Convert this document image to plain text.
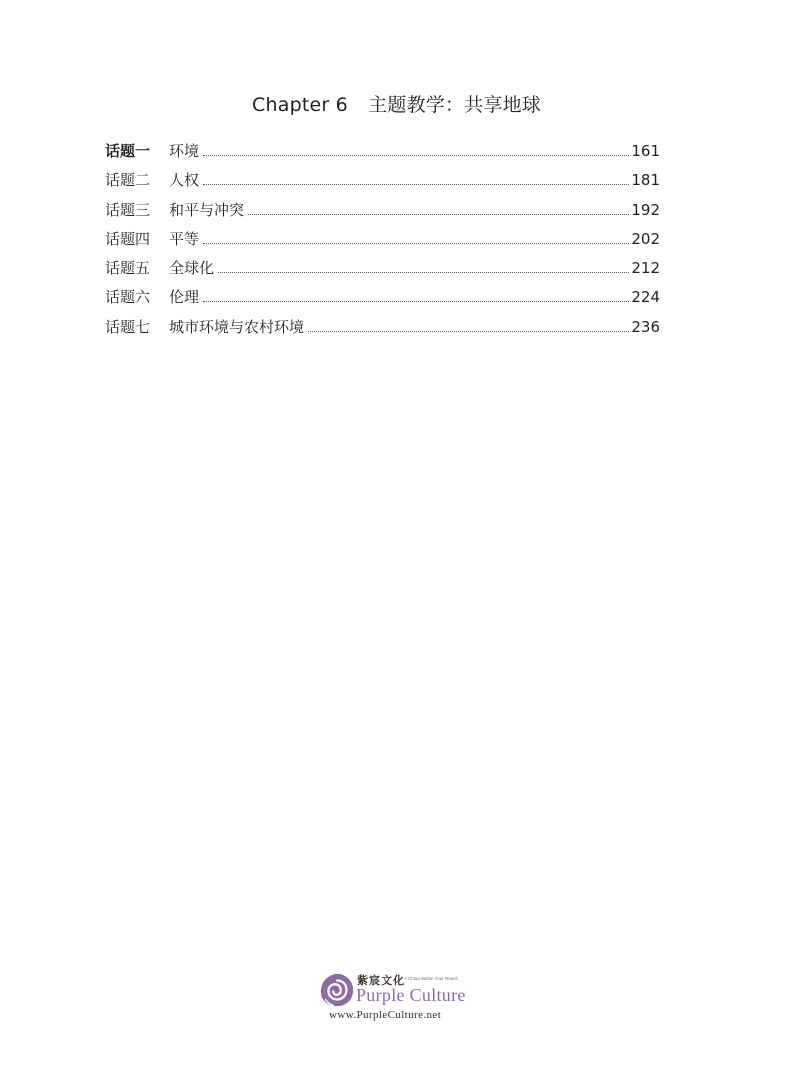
Chapter 6 主题教学：共享地球
话题一	环境	161
话题二	人权	181
话题三	和平与冲突	192
话题四	平等	202
话题五	全球化	212
话题六	伦理	224
话题七	城市环境与农村环境	236
紫宸文化 A China Within Your Reach
Purple Culture
www.PurpleCulture.net
